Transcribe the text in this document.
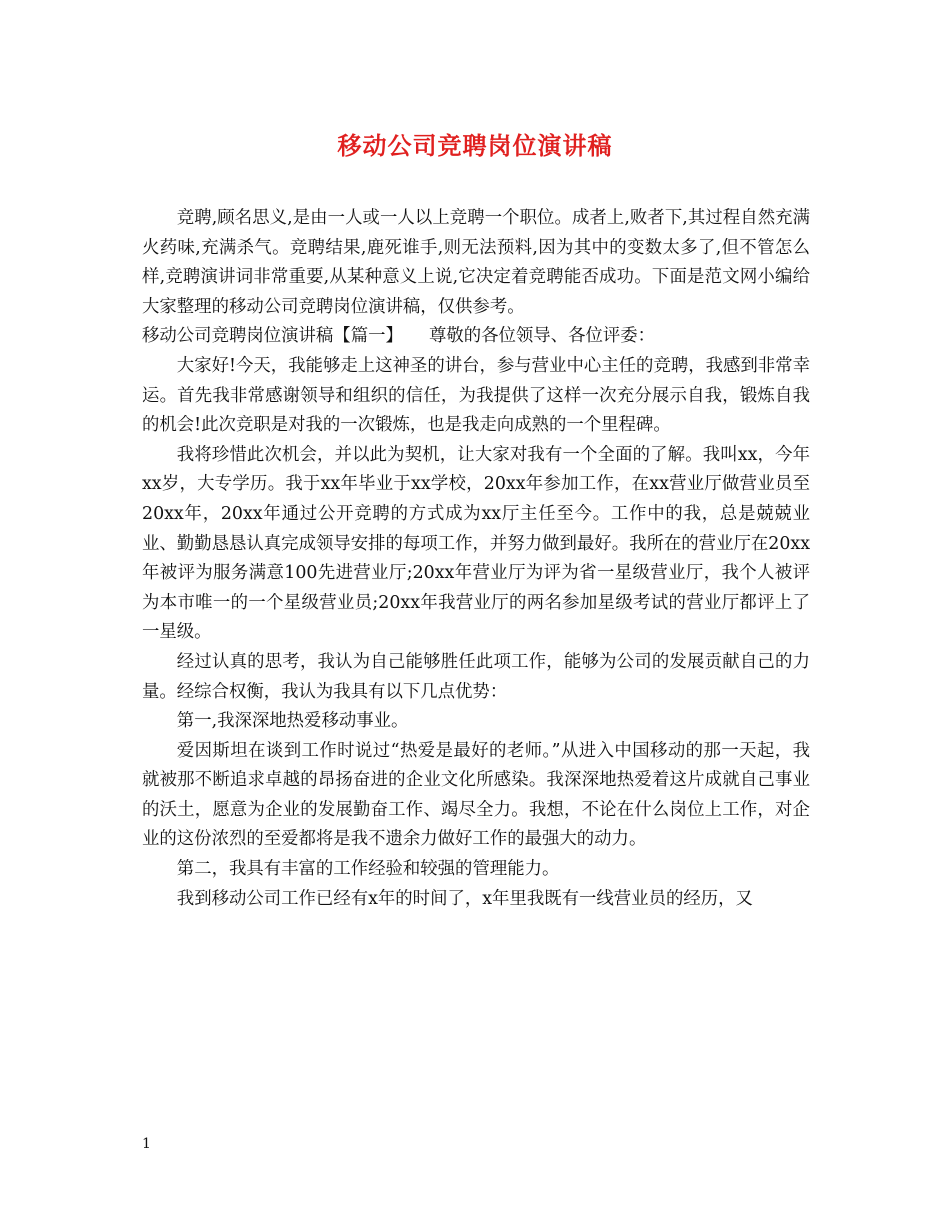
移动公司竞聘岗位演讲稿

竞聘,顾名思义,是由一人或一人以上竞聘一个职位。成者上,败者下,其过程自然充满火药味,充满杀气。竞聘结果,鹿死谁手,则无法预料,因为其中的变数太多了,但不管怎么样,竞聘演讲词非常重要,从某种意义上说,它决定着竞聘能否成功。下面是范文网小编给大家整理的移动公司竞聘岗位演讲稿，仅供参考。

移动公司竞聘岗位演讲稿【篇一】　　尊敬的各位领导、各位评委：

大家好!今天，我能够走上这神圣的讲台，参与营业中心主任的竞聘，我感到非常幸运。首先我非常感谢领导和组织的信任，为我提供了这样一次充分展示自我，锻炼自我的机会!此次竞职是对我的一次锻炼，也是我走向成熟的一个里程碑。

我将珍惜此次机会，并以此为契机，让大家对我有一个全面的了解。我叫xx，今年xx岁，大专学历。我于xx年毕业于xx学校，20xx年参加工作，在xx营业厅做营业员至20xx年，20xx年通过公开竞聘的方式成为xx厅主任至今。工作中的我，总是兢兢业业、勤勤恳恳认真完成领导安排的每项工作，并努力做到最好。我所在的营业厅在20xx年被评为服务满意100先进营业厅;20xx年营业厅为评为省一星级营业厅，我个人被评为本市唯一的一个星级营业员;20xx年我营业厅的两名参加星级考试的营业厅都评上了一星级。

经过认真的思考，我认为自己能够胜任此项工作，能够为公司的发展贡献自己的力量。经综合权衡，我认为我具有以下几点优势：

第一,我深深地热爱移动事业。

爱因斯坦在谈到工作时说过“热爱是最好的老师。”从进入中国移动的那一天起，我就被那不断追求卓越的昂扬奋进的企业文化所感染。我深深地热爱着这片成就自己事业的沃土，愿意为企业的发展勤奋工作、竭尽全力。我想，不论在什么岗位上工作，对企业的这份浓烈的至爱都将是我不遗余力做好工作的最强大的动力。

第二，我具有丰富的工作经验和较强的管理能力。

我到移动公司工作已经有x年的时间了，x年里我既有一线营业员的经历，又

1
